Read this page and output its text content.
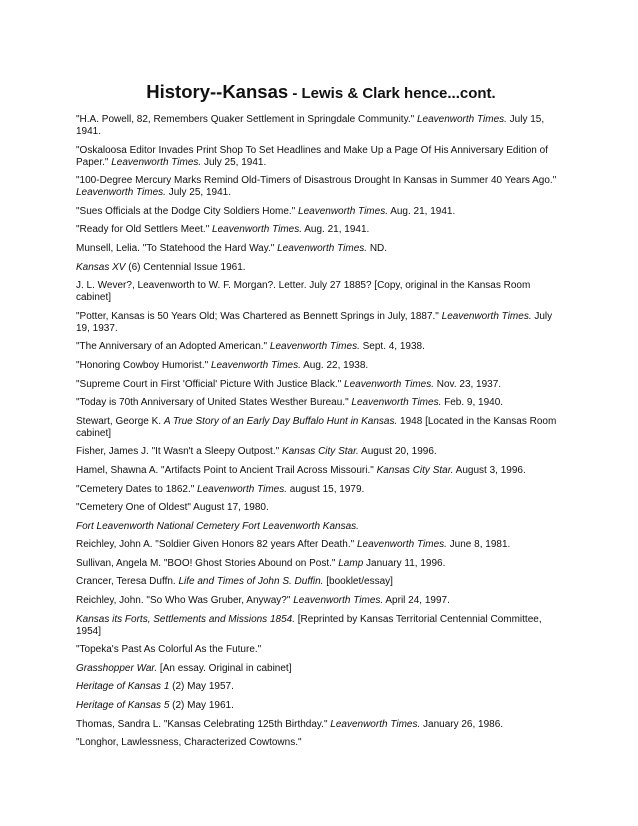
History--Kansas - Lewis & Clark hence...cont.
"H.A. Powell, 82, Remembers Quaker Settlement in Springdale Community." Leavenworth Times. July 15, 1941.
"Oskaloosa Editor Invades Print Shop To Set Headlines and Make Up a Page Of His Anniversary Edition of Paper." Leavenworth Times. July 25, 1941.
"100-Degree Mercury Marks Remind Old-Timers of Disastrous Drought In Kansas in Summer 40 Years Ago." Leavenworth Times. July 25, 1941.
"Sues Officials at the Dodge City Soldiers Home." Leavenworth Times. Aug. 21, 1941.
"Ready for Old Settlers Meet." Leavenworth Times. Aug. 21, 1941.
Munsell, Lelia. "To Statehood the Hard Way." Leavenworth Times. ND.
Kansas XV (6) Centennial Issue 1961.
J. L. Wever?, Leavenworth to W. F. Morgan?. Letter. July 27 1885? [Copy, original in the Kansas Room cabinet]
"Potter, Kansas is 50 Years Old; Was Chartered as Bennett Springs in July, 1887." Leavenworth Times. July 19, 1937.
"The Anniversary of an Adopted American." Leavenworth Times. Sept. 4, 1938.
"Honoring Cowboy Humorist." Leavenworth Times. Aug. 22, 1938.
"Supreme Court in First 'Official' Picture With Justice Black." Leavenworth Times. Nov. 23, 1937.
"Today is 70th Anniversary of United States Westher Bureau." Leavenworth Times. Feb. 9, 1940.
Stewart, George K. A True Story of an Early Day Buffalo Hunt in Kansas. 1948 [Located in the Kansas Room cabinet]
Fisher, James J. "It Wasn't a Sleepy Outpost." Kansas City Star. August 20, 1996.
Hamel, Shawna A. "Artifacts Point to Ancient Trail Across Missouri." Kansas City Star. August 3, 1996.
"Cemetery Dates to 1862." Leavenworth Times. august 15, 1979.
"Cemetery One of Oldest" August 17, 1980.
Fort Leavenworth National Cemetery Fort Leavenworth Kansas.
Reichley, John A. "Soldier Given Honors 82 years After Death." Leavenworth Times. June 8, 1981.
Sullivan, Angela M. "BOO! Ghost Stories Abound on Post." Lamp January 11, 1996.
Crancer, Teresa Duffn. Life and Times of John S. Duffin. [booklet/essay]
Reichley, John. "So Who Was Gruber, Anyway?" Leavenworth Times. April 24, 1997.
Kansas its Forts, Settlements and Missions 1854. [Reprinted by Kansas Territorial Centennial Committee, 1954]
"Topeka's Past As Colorful As the Future."
Grasshopper War. [An essay. Original in cabinet]
Heritage of Kansas 1 (2) May 1957.
Heritage of Kansas 5 (2) May 1961.
Thomas, Sandra L. "Kansas Celebrating 125th Birthday." Leavenworth Times. January 26, 1986.
"Longhor, Lawlessness, Characterized Cowtowns."
